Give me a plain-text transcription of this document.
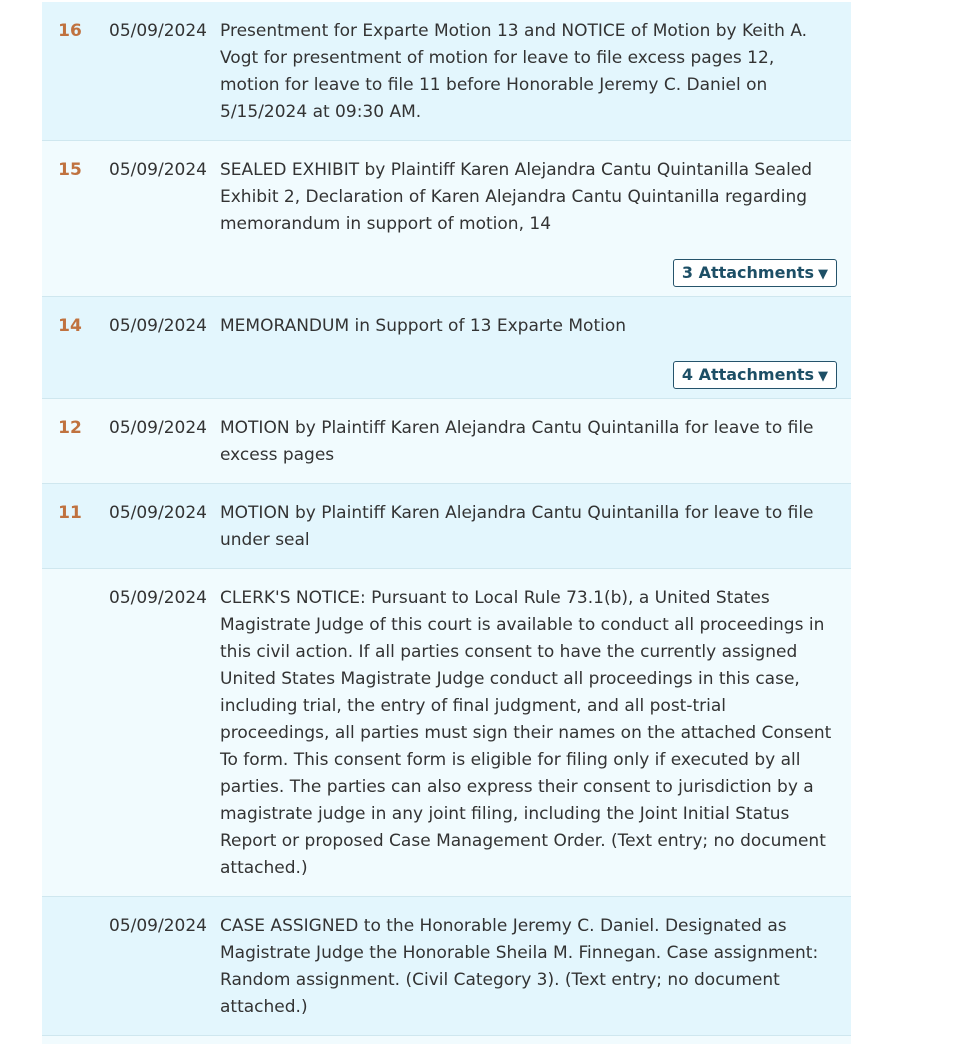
16	05/09/2024 Presentment for Exparte Motion 13 and NOTICE of Motion by Keith A. Vogt for presentment of motion for leave to file excess pages 12, motion for leave to file 11 before Honorable Jeremy C. Daniel on 5/15/2024 at 09:30 AM.
15	05/09/2024 SEALED EXHIBIT by Plaintiff Karen Alejandra Cantu Quintanilla Sealed Exhibit 2, Declaration of Karen Alejandra Cantu Quintanilla regarding memorandum in support of motion, 14
3 Attachments ▼
14	05/09/2024 MEMORANDUM in Support of 13 Exparte Motion
4 Attachments ▼
12	05/09/2024 MOTION by Plaintiff Karen Alejandra Cantu Quintanilla for leave to file excess pages
11	05/09/2024 MOTION by Plaintiff Karen Alejandra Cantu Quintanilla for leave to file under seal
05/09/2024 CLERK'S NOTICE: Pursuant to Local Rule 73.1(b), a United States Magistrate Judge of this court is available to conduct all proceedings in this civil action. If all parties consent to have the currently assigned United States Magistrate Judge conduct all proceedings in this case, including trial, the entry of final judgment, and all post-trial proceedings, all parties must sign their names on the attached Consent To form. This consent form is eligible for filing only if executed by all parties. The parties can also express their consent to jurisdiction by a magistrate judge in any joint filing, including the Joint Initial Status Report or proposed Case Management Order. (Text entry; no document attached.)
05/09/2024 CASE ASSIGNED to the Honorable Jeremy C. Daniel. Designated as Magistrate Judge the Honorable Sheila M. Finnegan. Case assignment: Random assignment. (Civil Category 3). (Text entry; no document attached.)
